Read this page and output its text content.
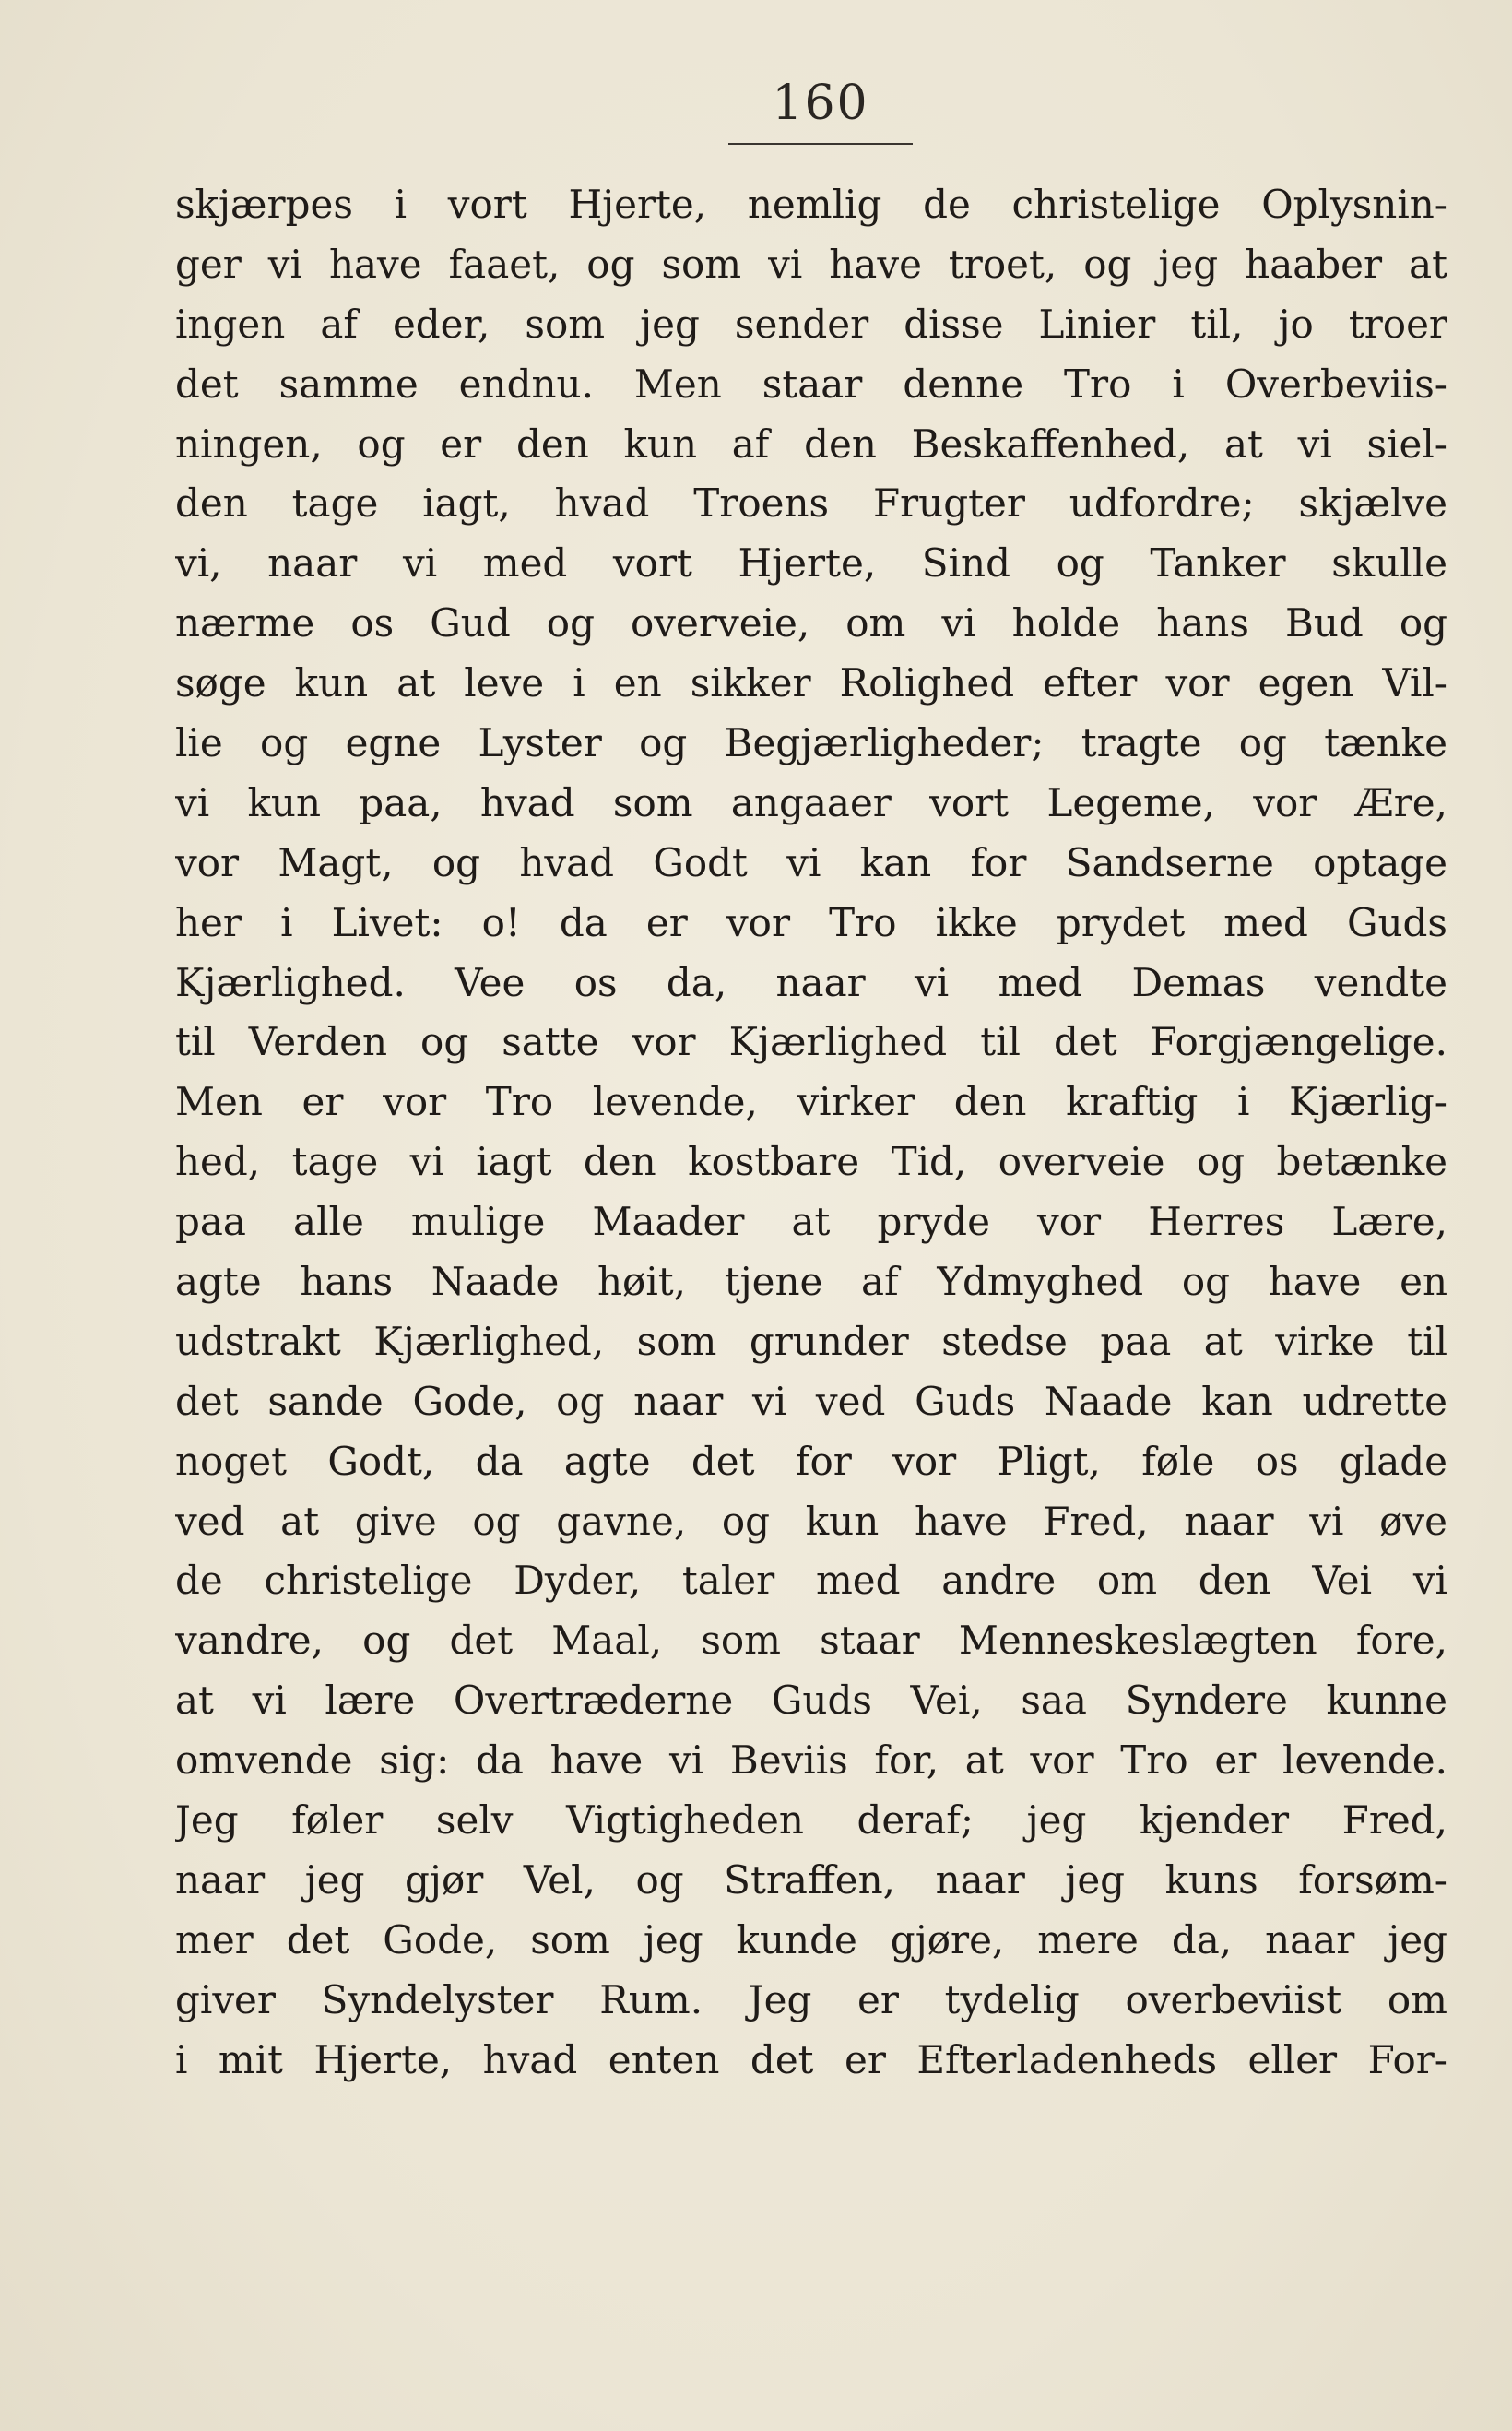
160
skjærpes i vort Hjerte, nemlig de christelige Oplysnin-
ger vi have faaet, og som vi have troet, og jeg haaber at
ingen af eder, som jeg sender disse Linier til, jo troer
det samme endnu. Men staar denne Tro i Overbeviis-
ningen, og er den kun af den Beskaffenhed, at vi siel-
den tage iagt, hvad Troens Frugter udfordre; skjælve
vi, naar vi med vort Hjerte, Sind og Tanker skulle
nærme os Gud og overveie, om vi holde hans Bud og
søge kun at leve i en sikker Rolighed efter vor egen Vil-
lie og egne Lyster og Begjærligheder; tragte og tænke
vi kun paa, hvad som angaaer vort Legeme, vor Ære,
vor Magt, og hvad Godt vi kan for Sandserne optage
her i Livet: o! da er vor Tro ikke prydet med Guds
Kjærlighed. Vee os da, naar vi med Demas vendte
til Verden og satte vor Kjærlighed til det Forgjængelige.
Men er vor Tro levende, virker den kraftig i Kjærlig-
hed, tage vi iagt den kostbare Tid, overveie og betænke
paa alle mulige Maader at pryde vor Herres Lære,
agte hans Naade høit, tjene af Ydmyghed og have en
udstrakt Kjærlighed, som grunder stedse paa at virke til
det sande Gode, og naar vi ved Guds Naade kan udrette
noget Godt, da agte det for vor Pligt, føle os glade
ved at give og gavne, og kun have Fred, naar vi øve
de christelige Dyder, taler med andre om den Vei vi
vandre, og det Maal, som staar Menneskeslægten fore,
at vi lære Overtræderne Guds Vei, saa Syndere kunne
omvende sig: da have vi Beviis for, at vor Tro er levende.
Jeg føler selv Vigtigheden deraf; jeg kjender Fred,
naar jeg gjør Vel, og Straffen, naar jeg kuns forsøm-
mer det Gode, som jeg kunde gjøre, mere da, naar jeg
giver Syndelyster Rum. Jeg er tydelig overbeviist om
i mit Hjerte, hvad enten det er Efterladenheds eller For-
